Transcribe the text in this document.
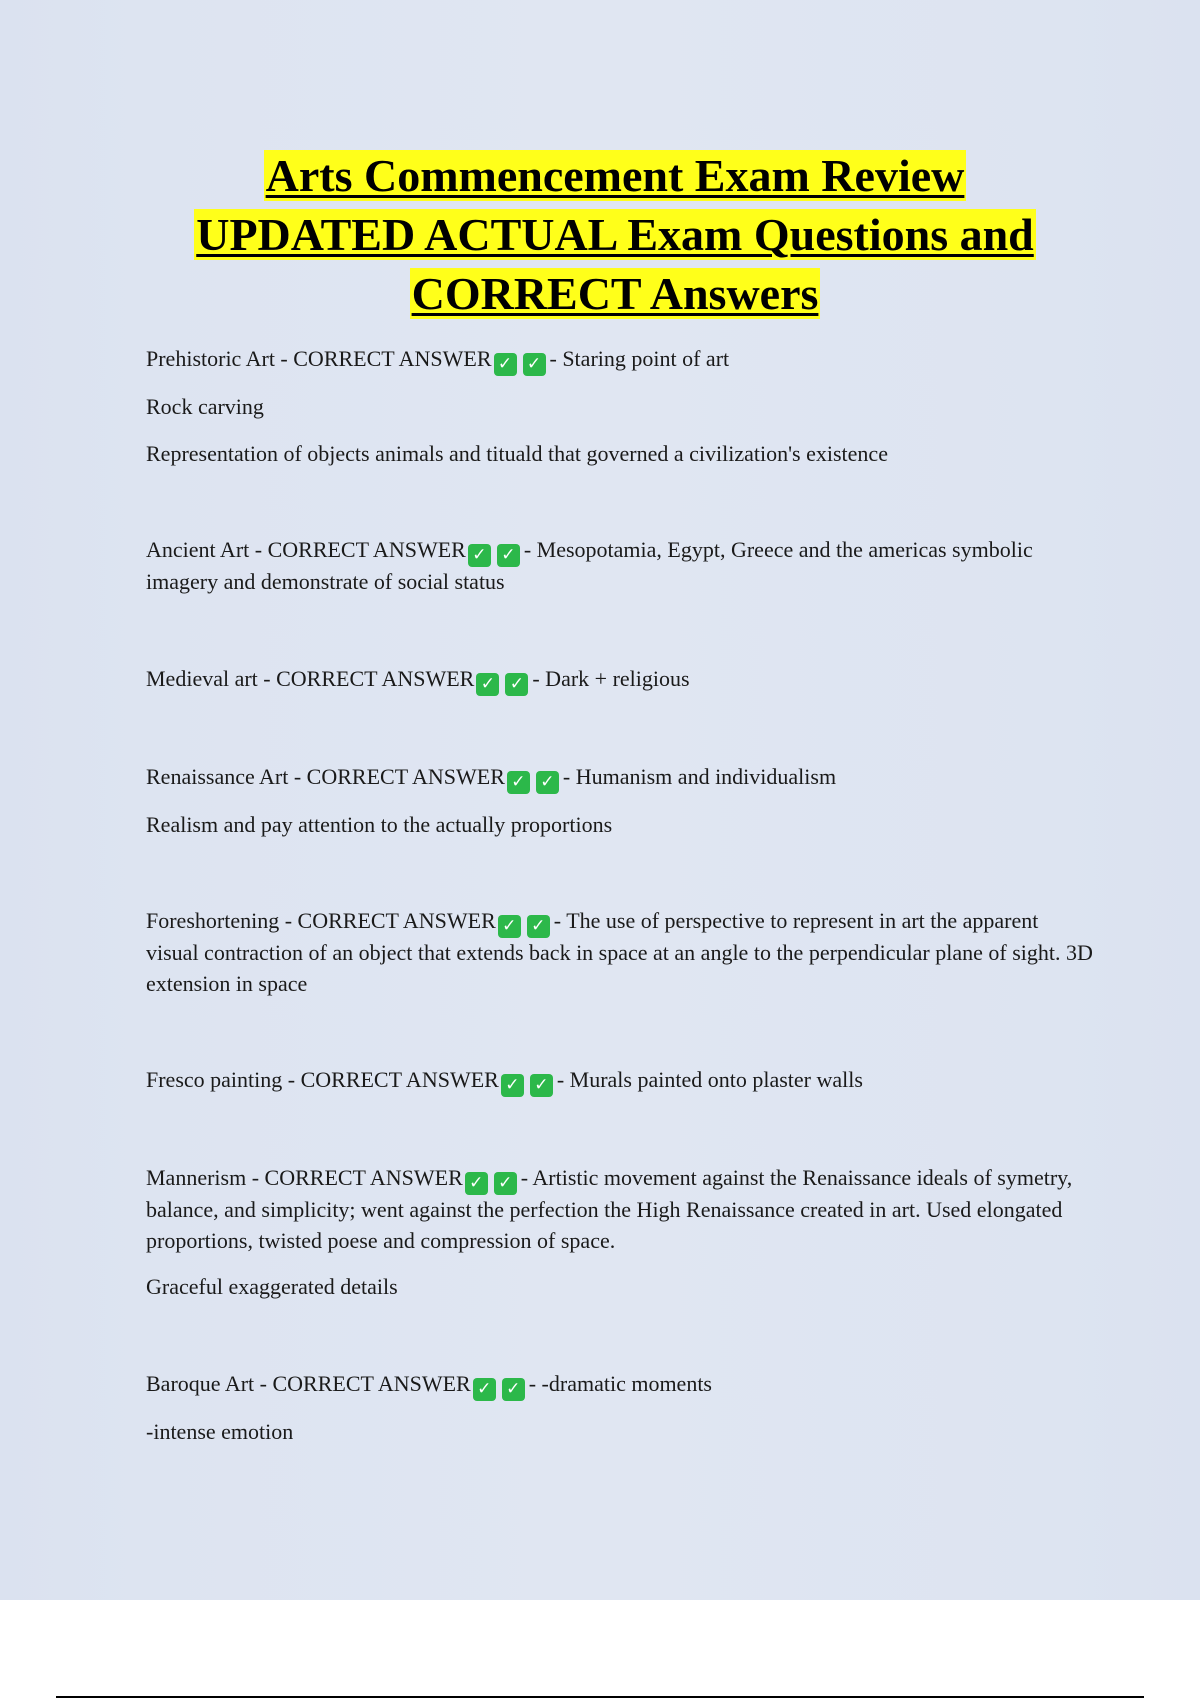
Arts Commencement Exam Review
UPDATED ACTUAL Exam Questions and
CORRECT Answers

Prehistoric Art - CORRECT ANSWER ✓ ✓ - Staring point of art

Rock carving

Representation of objects animals and tituald that governed a civilization's existence

Ancient Art - CORRECT ANSWER ✓ ✓ - Mesopotamia, Egypt, Greece and the americas symbolic imagery and demonstrate of social status

Medieval art - CORRECT ANSWER ✓ ✓ - Dark + religious

Renaissance Art - CORRECT ANSWER ✓ ✓ - Humanism and individualism

Realism and pay attention to the actually proportions

Foreshortening - CORRECT ANSWER ✓ ✓ - The use of perspective to represent in art the apparent visual contraction of an object that extends back in space at an angle to the perpendicular plane of sight. 3D extension in space

Fresco painting - CORRECT ANSWER ✓ ✓ - Murals painted onto plaster walls

Mannerism - CORRECT ANSWER ✓ ✓ - Artistic movement against the Renaissance ideals of symetry, balance, and simplicity; went against the perfection the High Renaissance created in art. Used elongated proportions, twisted poese and compression of space.

Graceful exaggerated details

Baroque Art - CORRECT ANSWER ✓ ✓ - -dramatic moments

-intense emotion
